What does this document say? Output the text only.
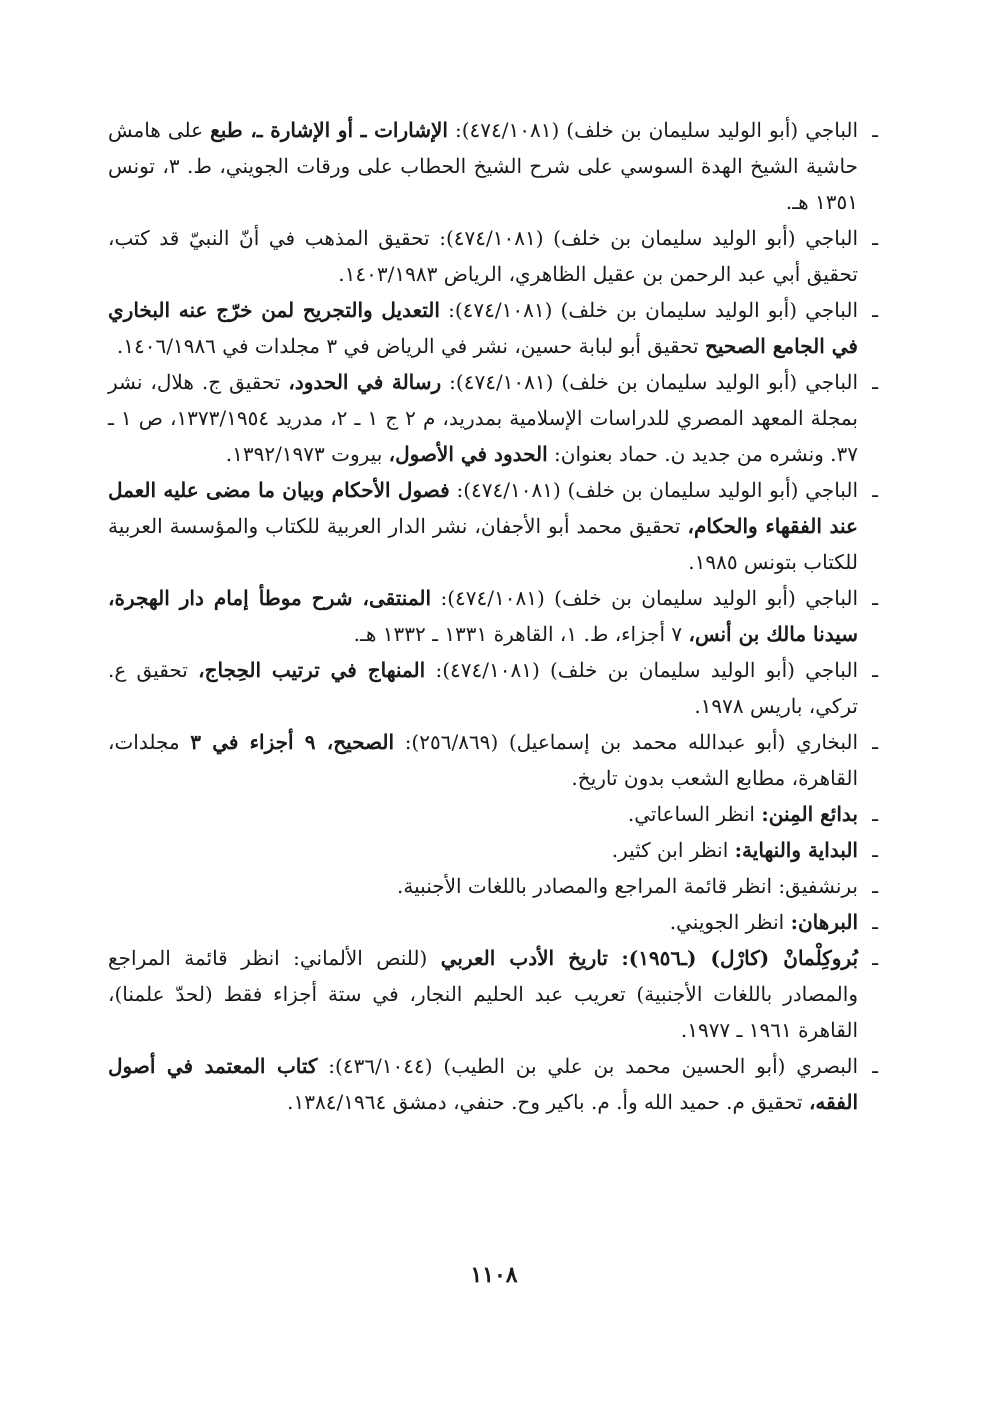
ـ الباجي (أبو الوليد سليمان بن خلف) (٤٧٤/١٠٨١): الإشارات ـ أو الإشارة ـ، طبع على هامش حاشية الشيخ الهدة السوسي على شرح الشيخ الحطاب على ورقات الجويني، ط. ٣، تونس ١٣٥١ هـ.
ـ الباجي (أبو الوليد سليمان بن خلف) (٤٧٤/١٠٨١): تحقيق المذهب في أنّ النبيّ قد كتب، تحقيق أبي عبد الرحمن بن عقيل الظاهري، الرياض ١٤٠٣/١٩٨٣.
ـ الباجي (أبو الوليد سليمان بن خلف) (٤٧٤/١٠٨١): التعديل والتجريح لمن خرّج عنه البخاري في الجامع الصحيح تحقيق أبو لبابة حسين، نشر في الرياض في ٣ مجلدات في ١٤٠٦/١٩٨٦.
ـ الباجي (أبو الوليد سليمان بن خلف) (٤٧٤/١٠٨١): رسالة في الحدود، تحقيق ج. هلال، نشر بمجلة المعهد المصري للدراسات الإسلامية بمدريد، م ٢ ج ١ ـ ٢، مدريد ١٣٧٣/١٩٥٤، ص ١ ـ ٣٧. ونشره من جديد ن. حماد بعنوان: الحدود في الأصول، بيروت ١٣٩٢/١٩٧٣.
ـ الباجي (أبو الوليد سليمان بن خلف) (٤٧٤/١٠٨١): فصول الأحكام وبيان ما مضى عليه العمل عند الفقهاء والحكام، تحقيق محمد أبو الأجفان، نشر الدار العربية للكتاب والمؤسسة العربية للكتاب بتونس ١٩٨٥.
ـ الباجي (أبو الوليد سليمان بن خلف) (٤٧٤/١٠٨١): المنتقى، شرح موطأ إمام دار الهجرة، سيدنا مالك بن أنس، ٧ أجزاء، ط. ١، القاهرة ١٣٣١ ـ ١٣٣٢ هـ.
ـ الباجي (أبو الوليد سليمان بن خلف) (٤٧٤/١٠٨١): المنهاج في ترتيب الحِجاج، تحقيق ع. تركي، باريس ١٩٧٨.
ـ البخاري (أبو عبدالله محمد بن إسماعيل) (٢٥٦/٨٦٩): الصحيح، ٩ أجزاء في ٣ مجلدات، القاهرة، مطابع الشعب بدون تاريخ.
ـ بدائع المِنن: انظر الساعاتي.
ـ البداية والنهاية: انظر ابن كثير.
ـ برنشفيق: انظر قائمة المراجع والمصادر باللغات الأجنبية.
ـ البرهان: انظر الجويني.
ـ بُروكِلْمانْ (كارْل) (ـ١٩٥٦): تاريخ الأدب العربي (للنص الألماني: انظر قائمة المراجع والمصادر باللغات الأجنبية) تعريب عبد الحليم النجار، في ستة أجزاء فقط (لحدّ علمنا)، القاهرة ١٩٦١ ـ ١٩٧٧.
ـ البصري (أبو الحسين محمد بن علي بن الطيب) (٤٣٦/١٠٤٤): كتاب المعتمد في أصول الفقه، تحقيق م. حميد الله وأ. م. باكير وح. حنفي، دمشق ١٣٨٤/١٩٦٤.
١١٠٨
